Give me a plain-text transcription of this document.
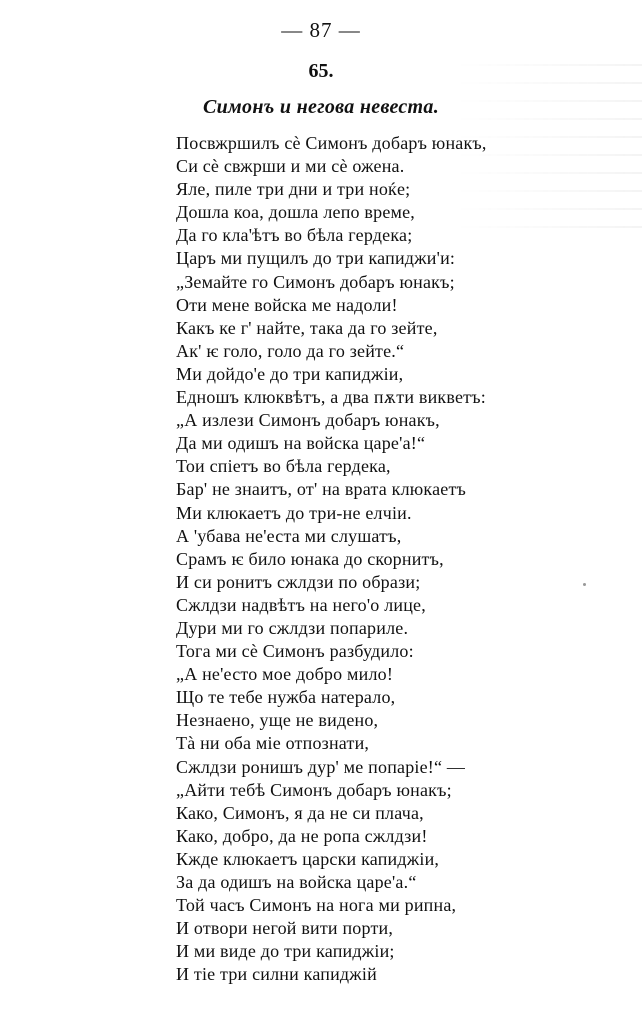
— 87 —
65.
Симонъ и негова невеста.
Посвжршилъ сѐ Симонъ добаръ юнакъ,
Си сѐ свжрши и ми сѐ ожена.
Яле, пиле три дни и три ноќе;
Дошла коа, дошла лепо време,
Да го кла'ѣтъ во бѣла гердека;
Царъ ми пущилъ до три капиджи'и:
„Земайте го Симонъ добаръ юнакъ;
Оти мене войска ме надоли!
Какъ ке г' найте, така да го зейте,
Ак' ѥ голо, голо да го зейте.“
Ми дойдо'е до три капиджіи,
Едношъ клюквѣтъ, а два пѫти викветъ:
„А излези Симонъ добаръ юнакъ,
Да ми одишъ на войска царе'а!“
Тои спіетъ во бѣла гердека,
Бар' не знаитъ, от' на врата клюкаетъ
Ми клюкаетъ до три-не елчіи.
А 'убава не'еста ми слушатъ,
Срамъ ѥ било юнака до скорнитъ,
И си ронитъ сжлдзи по образи;
Сжлдзи надвѣтъ на него'о лице,
Дури ми го сжлдзи попариле.
Тога ми сѐ Симонъ разбудило:
„А не'есто мое добро мило!
Що те тебе нужба натерало,
Незнаено, уще не видено,
Тà ни оба міе отпознати,
Сжлдзи ронишъ дур' ме попаріе!“ —
„Айти тебѣ Симонъ добаръ юнакъ;
Како, Симонъ, я да не си плача,
Како, добро, да не ропа сжлдзи!
Кжде клюкаетъ царски капиджіи,
За да одишъ на войска царе'а.“
Той часъ Симонъ на нога ми рипна,
И отвори негой вити порти,
И ми виде до три капиджіи;
И тіе три силни капиджій
